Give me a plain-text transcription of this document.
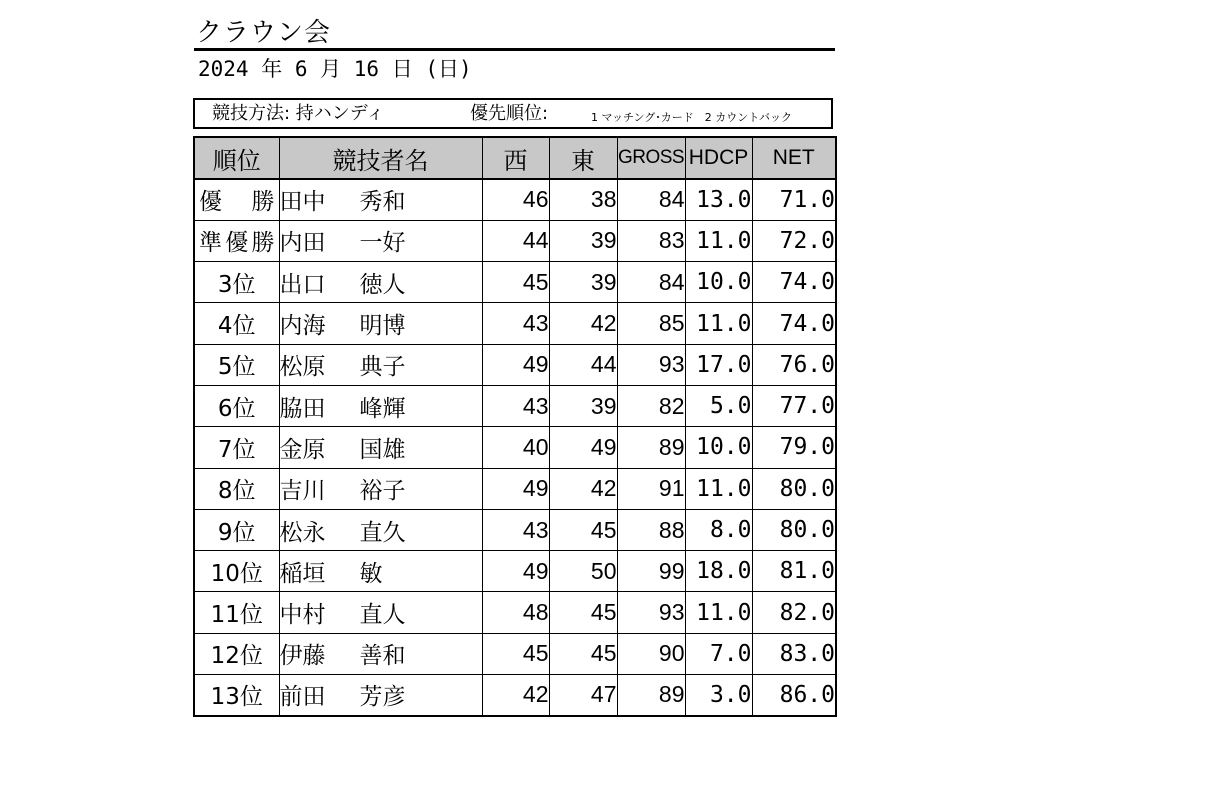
クラウン会
2024 年 6 月 16 日 (日)
競技方法: 持ハンディ	優先順位:	1 マッチング･カード　2 カウントバック
順位	競技者名	西	東	GROSS	HDCP	NET
優　勝	田中 秀和	46	38	84	13.0	71.0
準優勝	内田 一好	44	39	83	11.0	72.0
3位	出口 徳人	45	39	84	10.0	74.0
4位	内海 明博	43	42	85	11.0	74.0
5位	松原 典子	49	44	93	17.0	76.0
6位	脇田 峰輝	43	39	82	5.0	77.0
7位	金原 国雄	40	49	89	10.0	79.0
8位	吉川 裕子	49	42	91	11.0	80.0
9位	松永 直久	43	45	88	8.0	80.0
10位	稲垣 敏	49	50	99	18.0	81.0
11位	中村 直人	48	45	93	11.0	82.0
12位	伊藤 善和	45	45	90	7.0	83.0
13位	前田 芳彦	42	47	89	3.0	86.0
